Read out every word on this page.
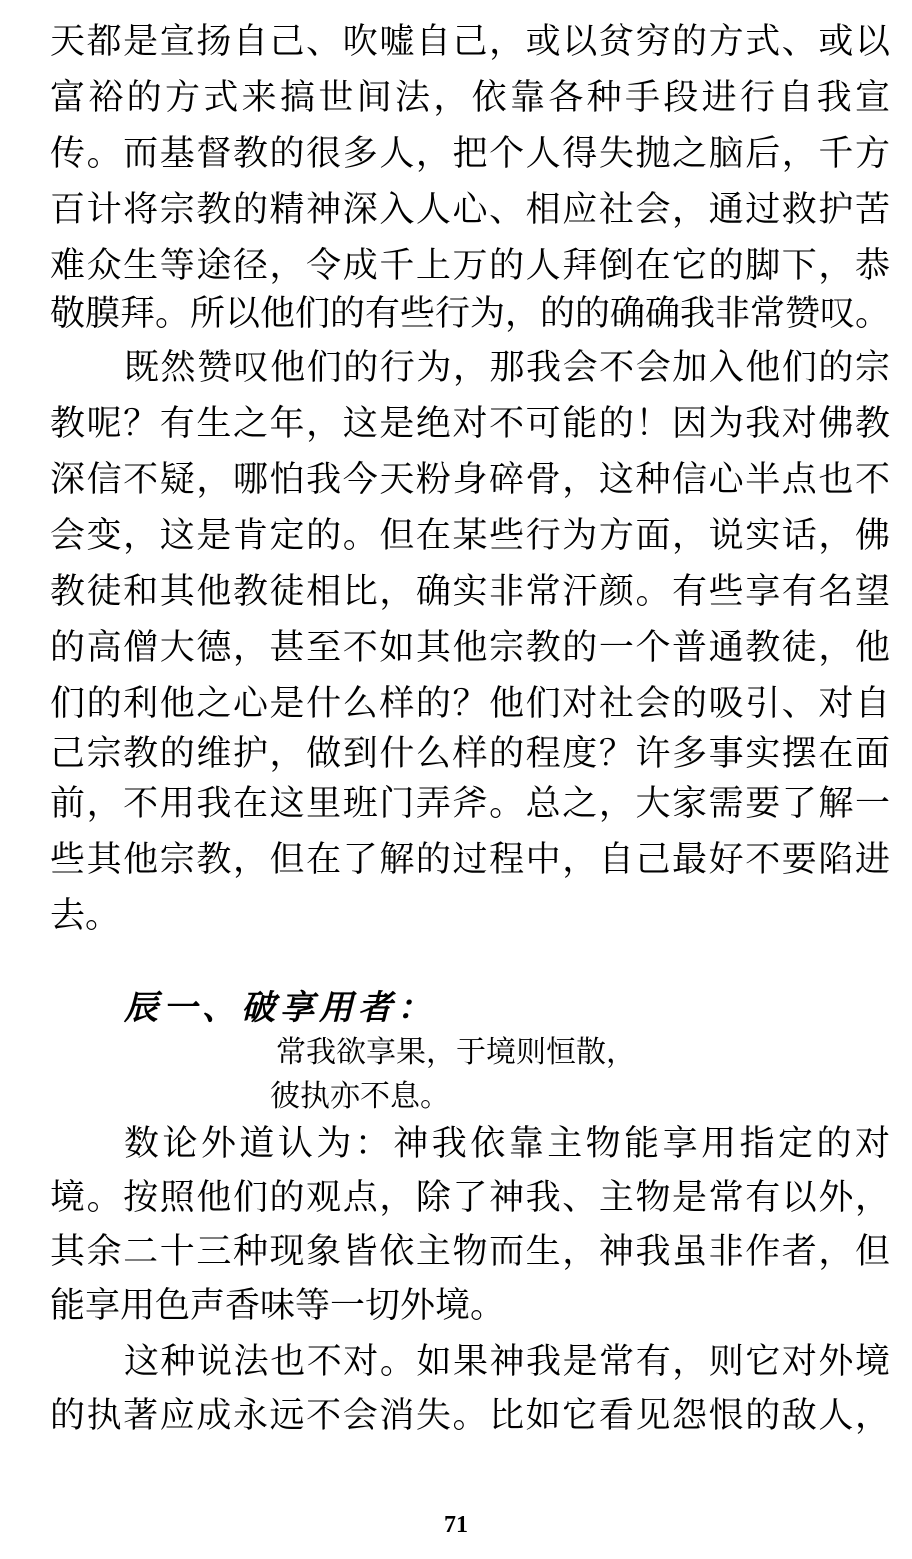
天都是宣扬自己、吹嘘自己，或以贫穷的方式、或以
富裕的方式来搞世间法，依靠各种手段进行自我宣
传。而基督教的很多人，把个人得失抛之脑后，千方
百计将宗教的精神深入人心、相应社会，通过救护苦
难众生等途径，令成千上万的人拜倒在它的脚下，恭
敬膜拜。所以他们的有些行为，的的确确我非常赞叹。
既然赞叹他们的行为，那我会不会加入他们的宗
教呢？有生之年，这是绝对不可能的！因为我对佛教
深信不疑，哪怕我今天粉身碎骨，这种信心半点也不
会变，这是肯定的。但在某些行为方面，说实话，佛
教徒和其他教徒相比，确实非常汗颜。有些享有名望
的高僧大德，甚至不如其他宗教的一个普通教徒，他
们的利他之心是什么样的？他们对社会的吸引、对自
己宗教的维护，做到什么样的程度？许多事实摆在面
前，不用我在这里班门弄斧。总之，大家需要了解一
些其他宗教，但在了解的过程中，自己最好不要陷进
去。
辰一、破享用者：
常我欲享果，于境则恒散，
彼执亦不息。
数论外道认为：神我依靠主物能享用指定的对
境。按照他们的观点，除了神我、主物是常有以外，
其余二十三种现象皆依主物而生，神我虽非作者，但
能享用色声香味等一切外境。
这种说法也不对。如果神我是常有，则它对外境
的执著应成永远不会消失。比如它看见怨恨的敌人，
71
